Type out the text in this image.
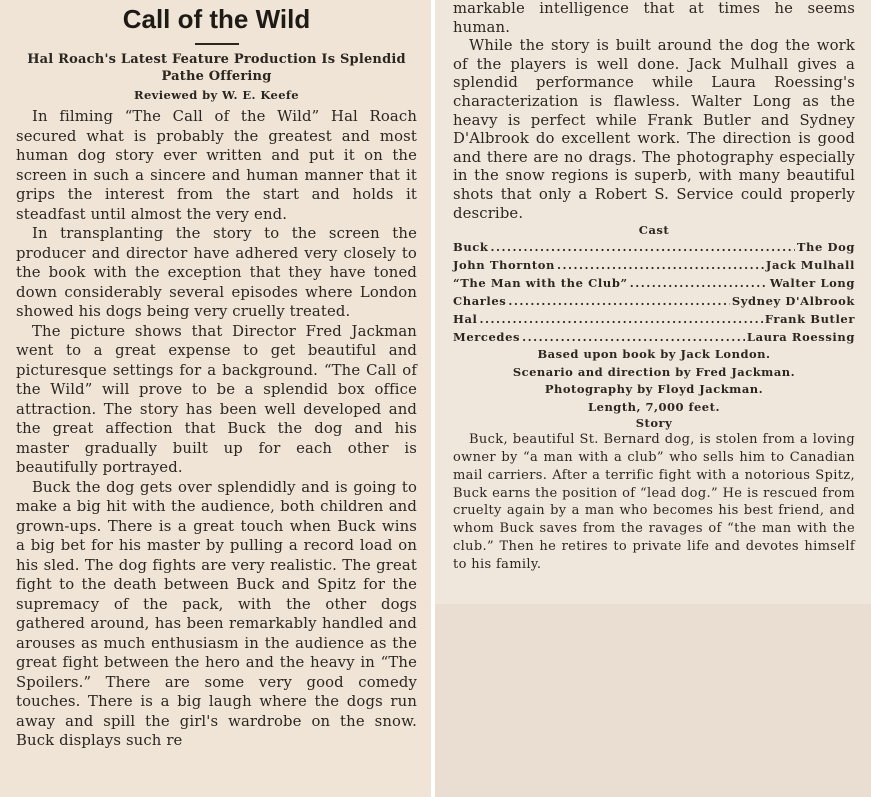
Call of the Wild

Hal Roach's Latest Feature Production Is Splendid Pathe Offering

Reviewed by W. E. Keefe

In filming “The Call of the Wild” Hal Roach secured what is probably the greatest and most human dog story ever written and put it on the screen in such a sincere and human manner that it grips the interest from the start and holds it steadfast until almost the very end.

In transplanting the story to the screen the producer and director have adhered very closely to the book with the exception that they have toned down considerably several episodes where London showed his dogs being very cruelly treated.

The picture shows that Director Fred Jackman went to a great expense to get beautiful and picturesque settings for a background. “The Call of the Wild” will prove to be a splendid box office attraction. The story has been well developed and the great affection that Buck the dog and his master gradually built up for each other is beautifully portrayed.

Buck the dog gets over splendidly and is going to make a big hit with the audience, both children and grown-ups. There is a great touch when Buck wins a big bet for his master by pulling a record load on his sled. The dog fights are very realistic. The great fight to the death between Buck and Spitz for the supremacy of the pack, with the other dogs gathered around, has been remarkably handled and arouses as much enthusiasm in the audience as the great fight between the hero and the heavy in “The Spoilers.” There are some very good comedy touches. There is a big laugh where the dogs run away and spill the girl's wardrobe on the snow. Buck displays such re

markable intelligence that at times he seems human.

While the story is built around the dog the work of the players is well done. Jack Mulhall gives a splendid performance while Laura Roessing's characterization is flawless. Walter Long as the heavy is perfect while Frank Butler and Sydney D'Albrook do excellent work. The direction is good and there are no drags. The photography especially in the snow regions is superb, with many beautiful shots that only a Robert S. Service could properly describe.

Cast

Buck .....	The Dog
John Thornton .....	Jack Mulhall
“The Man with the Club” .....	Walter Long
Charles .....	Sydney D'Albrook
Hal .....	Frank Butler
Mercedes .....	Laura Roessing

Based upon book by Jack London.

Scenario and direction by Fred Jackman.

Photography by Floyd Jackman.

Length, 7,000 feet.

Story

Buck, beautiful St. Bernard dog, is stolen from a loving owner by “a man with a club” who sells him to Canadian mail carriers. After a terrific fight with a notorious Spitz, Buck earns the position of “lead dog.” He is rescued from cruelty again by a man who becomes his best friend, and whom Buck saves from the ravages of “the man with the club.” Then he retires to private life and devotes himself to his family.
